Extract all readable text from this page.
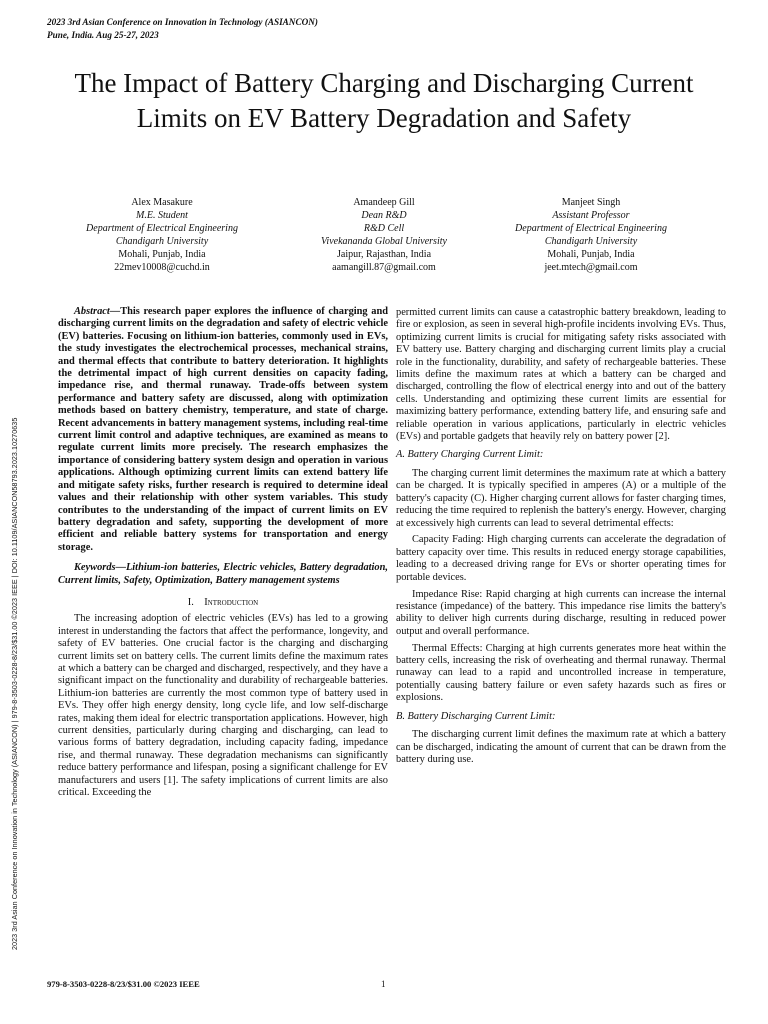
2023 3rd Asian Conference on Innovation in Technology (ASIANCON)
Pune, India. Aug 25-27, 2023
The Impact of Battery Charging and Discharging Current Limits on EV Battery Degradation and Safety
Alex Masakure
M.E. Student
Department of Electrical Engineering
Chandigarh University
Mohali, Punjab, India
22mev10008@cuchd.in
Amandeep Gill
Dean R&D
R&D Cell
Vivekananda Global University
Jaipur, Rajasthan, India
aamangill.87@gmail.com
Manjeet Singh
Assistant Professor
Department of Electrical Engineering
Chandigarh University
Mohali, Punjab, India
jeet.mtech@gmail.com
2023 3rd Asian Conference on Innovation in Technology (ASIANCON) | 979-8-3503-0228-8/23/$31.00 ©2023 IEEE | DOI: 10.1109/ASIANCON58793.2023.10270635

Abstract—This research paper explores the influence of charging and discharging current limits on the degradation and safety of electric vehicle (EV) batteries. Focusing on lithium-ion batteries, commonly used in EVs, the study investigates the electrochemical processes, mechanical strains, and thermal effects that contribute to battery deterioration. It highlights the detrimental impact of high current densities on capacity fading, impedance rise, and thermal runaway. Trade-offs between system performance and battery safety are discussed, along with optimization methods based on battery chemistry, temperature, and state of charge. Recent advancements in battery management systems, including real-time current limit control and adaptive techniques, are examined as means to regulate current limits more precisely. The research emphasizes the importance of considering battery system design and operation in various applications. Although optimizing current limits can extend battery life and mitigate safety risks, further research is required to determine ideal values and their relationship with other system variables. This study contributes to the understanding of the impact of current limits on EV battery degradation and safety, supporting the development of more efficient and reliable battery systems for transportation and energy storage.

Keywords—Lithium-ion batteries, Electric vehicles, Battery degradation, Current limits, Safety, Optimization, Battery management systems

I. Introduction

The increasing adoption of electric vehicles (EVs) has led to a growing interest in understanding the factors that affect the performance, longevity, and safety of EV batteries. One crucial factor is the charging and discharging current limits set on battery cells. The current limits define the maximum rates at which a battery can be charged and discharged, respectively, and they have a significant impact on the functionality and durability of rechargeable batteries. Lithium-ion batteries are currently the most common type of battery used in EVs. They offer high energy density, long cycle life, and low self-discharge rates, making them ideal for electric transportation applications. However, high current densities, particularly during charging and discharging, can lead to various forms of battery degradation, including capacity fading, impedance rise, and thermal runaway. These degradation mechanisms can significantly reduce battery performance and lifespan, posing a significant challenge for EV manufacturers and users [1]. The safety implications of current limits are also critical. Exceeding the

permitted current limits can cause a catastrophic battery breakdown, leading to fire or explosion, as seen in several high-profile incidents involving EVs. Thus, optimizing current limits is crucial for mitigating safety risks associated with EV battery use. Battery charging and discharging current limits play a crucial role in the functionality, durability, and safety of rechargeable batteries. These limits define the maximum rates at which a battery can be charged and discharged, controlling the flow of electrical energy into and out of the battery cells. Understanding and optimizing these current limits are essential for maximizing battery performance, extending battery life, and ensuring safe and reliable operation in various applications, particularly in electric vehicles (EVs) and portable gadgets that heavily rely on battery power [2].

A. Battery Charging Current Limit:

The charging current limit determines the maximum rate at which a battery can be charged. It is typically specified in amperes (A) or a multiple of the battery's capacity (C). Higher charging current allows for faster charging times, reducing the time required to replenish the battery's energy. However, charging at excessively high currents can lead to several detrimental effects:

Capacity Fading: High charging currents can accelerate the degradation of battery capacity over time. This results in reduced energy storage capabilities, leading to a decreased driving range for EVs or shorter operating times for portable devices.

Impedance Rise: Rapid charging at high currents can increase the internal resistance (impedance) of the battery. This impedance rise limits the battery's ability to deliver high currents during discharge, resulting in reduced power output and overall performance.

Thermal Effects: Charging at high currents generates more heat within the battery cells, increasing the risk of overheating and thermal runaway. Thermal runaway can lead to a rapid and uncontrolled increase in temperature, potentially causing battery failure or even safety hazards such as fires or explosions.

B. Battery Discharging Current Limit:

The discharging current limit defines the maximum rate at which a battery can be discharged, indicating the amount of current that can be drawn from the battery during use.

979-8-3503-0228-8/23/$31.00 ©2023 IEEE	1
